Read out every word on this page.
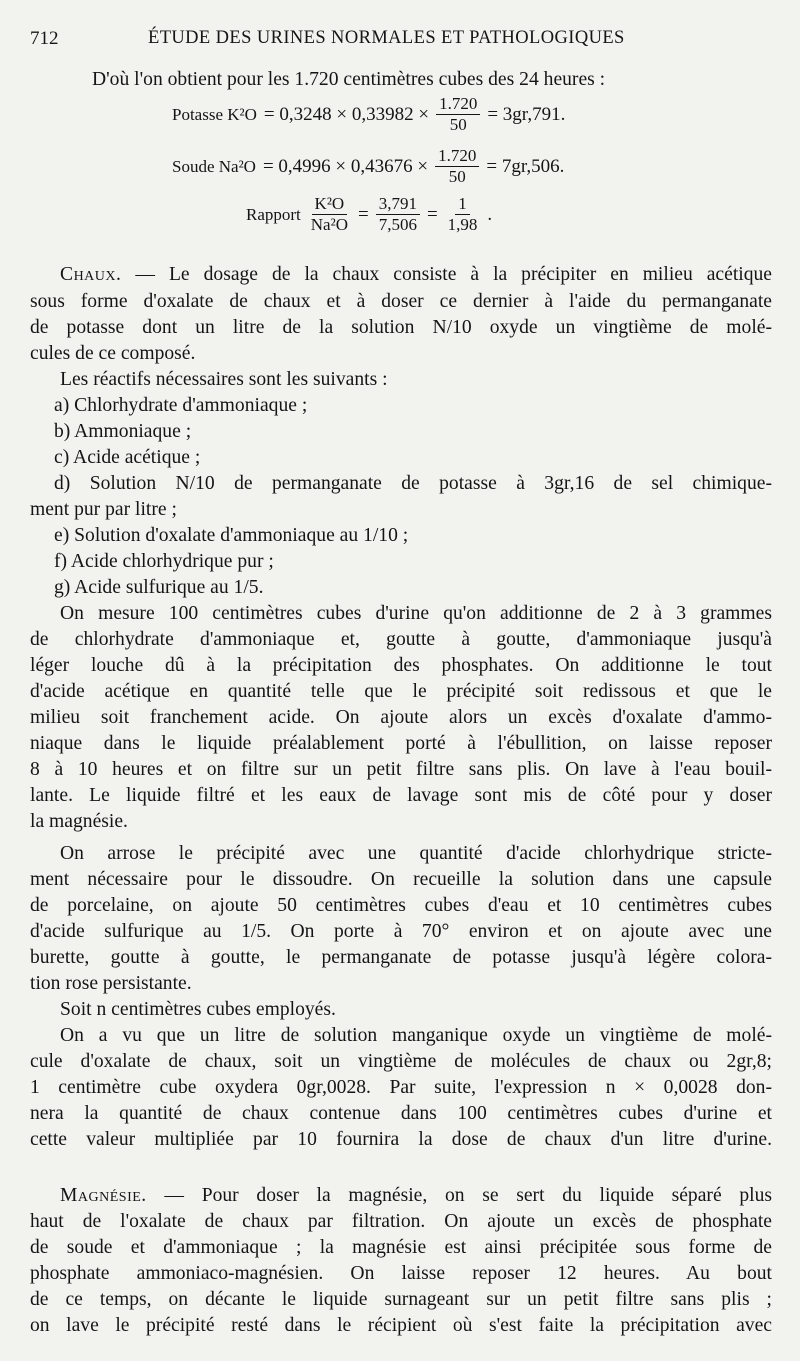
712	ÉTUDE DES URINES NORMALES ET PATHOLOGIQUES
D'où l'on obtient pour les 1.720 centimètres cubes des 24 heures :
Potasse $K^2O = 0,3248 \times 0,33982 \times \frac{1.720}{50} = 3gr,791$.
Soude $Na^2O = 0,4996 \times 0,43676 \times \frac{1.720}{50} = 7gr,506$.
Rapport $\frac{\text{K²O}}{\text{Na²O}} = \frac{3,791}{7,506} = \frac{1}{1,98}$ .
Chaux. — Le dosage de la chaux consiste à la précipiter en milieu acétique
sous forme d'oxalate de chaux et à doser ce dernier à l'aide du permanganate
de potasse dont un litre de la solution N/10 oxyde un vingtième de molé-
cules de ce composé.
Les réactifs nécessaires sont les suivants :
a) Chlorhydrate d'ammoniaque ;
b) Ammoniaque ;
c) Acide acétique ;
d) Solution N/10 de permanganate de potasse à 3gr,16 de sel chimique-
ment pur par litre ;
e) Solution d'oxalate d'ammoniaque au 1/10 ;
f) Acide chlorhydrique pur ;
g) Acide sulfurique au 1/5.
On mesure 100 centimètres cubes d'urine qu'on additionne de 2 à 3 grammes
de chlorhydrate d'ammoniaque et, goutte à goutte, d'ammoniaque jusqu'à
léger louche dû à la précipitation des phosphates. On additionne le tout
d'acide acétique en quantité telle que le précipité soit redissous et que le
milieu soit franchement acide. On ajoute alors un excès d'oxalate d'ammo-
niaque dans le liquide préalablement porté à l'ébullition, on laisse reposer
8 à 10 heures et on filtre sur un petit filtre sans plis. On lave à l'eau bouil-
lante. Le liquide filtré et les eaux de lavage sont mis de côté pour y doser
la magnésie.
On arrose le précipité avec une quantité d'acide chlorhydrique stricte-
ment nécessaire pour le dissoudre. On recueille la solution dans une capsule
de porcelaine, on ajoute 50 centimètres cubes d'eau et 10 centimètres cubes
d'acide sulfurique au 1/5. On porte à 70° environ et on ajoute avec une
burette, goutte à goutte, le permanganate de potasse jusqu'à légère colora-
tion rose persistante.
Soit n centimètres cubes employés.
On a vu que un litre de solution manganique oxyde un vingtième de molé-
cule d'oxalate de chaux, soit un vingtième de molécules de chaux ou 2gr,8;
1 centimètre cube oxydera 0gr,0028. Par suite, l'expression n × 0,0028 don-
nera la quantité de chaux contenue dans 100 centimètres cubes d'urine et
cette valeur multipliée par 10 fournira la dose de chaux d'un litre d'urine.
Magnésie. — Pour doser la magnésie, on se sert du liquide séparé plus
haut de l'oxalate de chaux par filtration. On ajoute un excès de phosphate
de soude et d'ammoniaque ; la magnésie est ainsi précipitée sous forme de
phosphate ammoniaco-magnésien. On laisse reposer 12 heures. Au bout
de ce temps, on décante le liquide surnageant sur un petit filtre sans plis ;
on lave le précipité resté dans le récipient où s'est faite la précipitation avec
